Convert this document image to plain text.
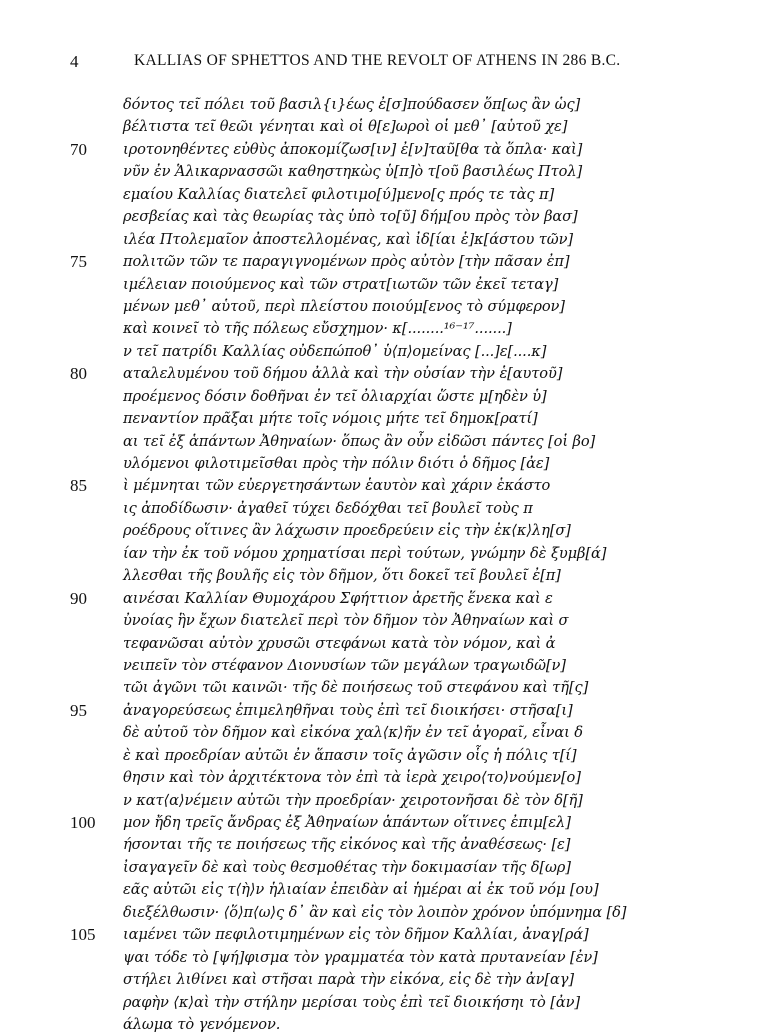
4	KALLIAS OF SPHETTOS AND THE REVOLT OF ATHENS IN 286 B.C.
δόντος τεῖ πόλει τοῦ βασιλ{ι}έως ἐ[σ]πούδασεν ὅπ[ως ἂν ὡς]
βέλτιστα τεῖ θεῶι γένηται καὶ οἱ θ[ε]ωροὶ οἱ μεθ᾽ [αὑτοῦ χε]
70	ιροτονηθέντες εὐθὺς ἀποκομίζωσ[ιν] ἐ[ν]ταῦ[θα τὰ ὅπλα· καὶ]
νῦν ἐν Ἁλικαρνασσῶι καθηστηκὼς ὑ[π]ὸ τ[οῦ βασιλέως Πτολ]
εμαίου Καλλίας διατελεῖ φιλοτιμο[ύ]μενο[ς πρός τε τὰς π]
ρεσβείας καὶ τὰς θεωρίας τὰς ὑπὸ το[ῦ] δήμ[ου πρὸς τὸν βασ]
ιλέα Πτολεμαῖον ἀποστελλομένας, καὶ ἰδ[ίαι ἑ]κ[άστου τῶν]
75	πολιτῶν τῶν τε παραγιγνομένων πρὸς αὐτὸν [τὴν πᾶσαν ἐπ]
ιμέλειαν ποιούμενος καὶ τῶν στρατ[ιωτῶν τῶν ἐκεῖ τεταγ]
μένων μεθ᾽ αὑτοῦ, περὶ πλείστου ποιούμ[ενος τὸ σύμφερον]
καὶ κοινεῖ τὸ τῆς πόλεως εὔσχημον· κ[........¹⁶⁻¹⁷.......]
ν τεῖ πατρίδι Καλλίας οὐδεπώποθ᾽ ὑ⟨π⟩ομείνας [...]ε[....κ]
80	αταλελυμένου τοῦ δήμου ἀλλὰ καὶ τὴν οὐσίαν τὴν ἑ[αυτοῦ]
προέμενος δόσιν δοθῆναι ἐν τεῖ ὀλιαρχίαι ὥστε μ[ηδὲν ὑ]
πεναντίον πρᾶξαι μήτε τοῖς νόμοις μήτε τεῖ δημοκ[ρατί]
αι τεῖ ἐξ ἁπάντων Ἀθηναίων· ὅπως ἂν οὖν εἰδῶσι πάντες [οἱ βο]
υλόμενοι φιλοτιμεῖσθαι πρὸς τὴν πόλιν διότι ὁ δῆμος [ἀε]
85	ὶ μέμνηται τῶν εὐεργετησάντων ἑαυτὸν καὶ χάριν ἑκάστο
ις ἀποδίδωσιν· ἀγαθεῖ τύχει δεδόχθαι τεῖ βουλεῖ τοὺς π
ροέδρους οἵτινες ἂν λάχωσιν προεδρεύειν εἰς τὴν ἐκ⟨κ⟩λη[σ]
ίαν τὴν ἐκ τοῦ νόμου χρηματίσαι περὶ τούτων, γνώμην δὲ ξυμβ[ά]
λλεσθαι τῆς βουλῆς εἰς τὸν δῆμον, ὅτι δοκεῖ τεῖ βουλεῖ ἐ[π]
90	αινέσαι Καλλίαν Θυμοχάρου Σφήττιον ἀρετῆς ἕνεκα καὶ ε
ὐνοίας ἣν ἔχων διατελεῖ περὶ τὸν δῆμον τὸν Ἀθηναίων καὶ σ
τεφανῶσαι αὐτὸν χρυσῶι στεφάνωι κατὰ τὸν νόμον, καὶ ἀ
νειπεῖν τὸν στέφανον Διονυσίων τῶν μεγάλων τραγωιδῶ[ν]
τῶι ἀγῶνι τῶι καινῶι· τῆς δὲ ποιήσεως τοῦ στεφάνου καὶ τῆ[ς]
95	ἀναγορεύσεως ἐπιμεληθῆναι τοὺς ἐπὶ τεῖ διοικήσει· στῆσα[ι]
δὲ αὐτοῦ τὸν δῆμον καὶ εἰκόνα χαλ⟨κ⟩ῆν ἐν τεῖ ἀγοραῖ, εἶναι δ
ὲ καὶ προεδρίαν αὐτῶι ἐν ἅπασιν τοῖς ἀγῶσιν οἷς ἡ πόλις τ[ί]
θησιν καὶ τὸν ἀρχιτέκτονα τὸν ἐπὶ τὰ ἱερὰ χειρο⟨το⟩νούμεν[ο]
ν κατ⟨α⟩νέμειν αὐτῶι τὴν προεδρίαν· χειροτονῆσαι δὲ τὸν δ[ῆ]
100	μον ἤδη τρεῖς ἄνδρας ἐξ Ἀθηναίων ἁπάντων οἵτινες ἐπιμ[ελ]
ήσονται τῆς τε ποιήσεως τῆς εἰκόνος καὶ τῆς ἀναθέσεως· [ε]
ἰσαγαγεῖν δὲ καὶ τοὺς θεσμοθέτας τὴν δοκιμασίαν τῆς δ[ωρ]
εᾶς αὐτῶι εἰς τ⟨ὴ⟩ν ἡλιαίαν ἐπειδὰν αἱ ἡμέραι αἱ ἐκ τοῦ νόμ [ου]
διεξέλθωσιν· ⟨ὅ⟩π⟨ω⟩ς δ᾽ ἂν καὶ εἰς τὸν λοιπὸν χρόνον ὑπόμνημα [δ]
105	ιαμένει τῶν πεφιλοτιμημένων εἰς τὸν δῆμον Καλλίαι, ἀναγ[ρά]
ψαι τόδε τὸ [ψή]φισμα τὸν γραμματέα τὸν κατὰ πρυτανείαν [ἐν]
στήλει λιθίνει καὶ στῆσαι παρὰ τὴν εἰκόνα, εἰς δὲ τὴν ἀν[αγ]
ραφὴν ⟨κ⟩αὶ τὴν στήλην μερίσαι τοὺς ἐπὶ τεῖ διοικήσηι τὸ [ἀν]
άλωμα τὸ γενόμενον.
